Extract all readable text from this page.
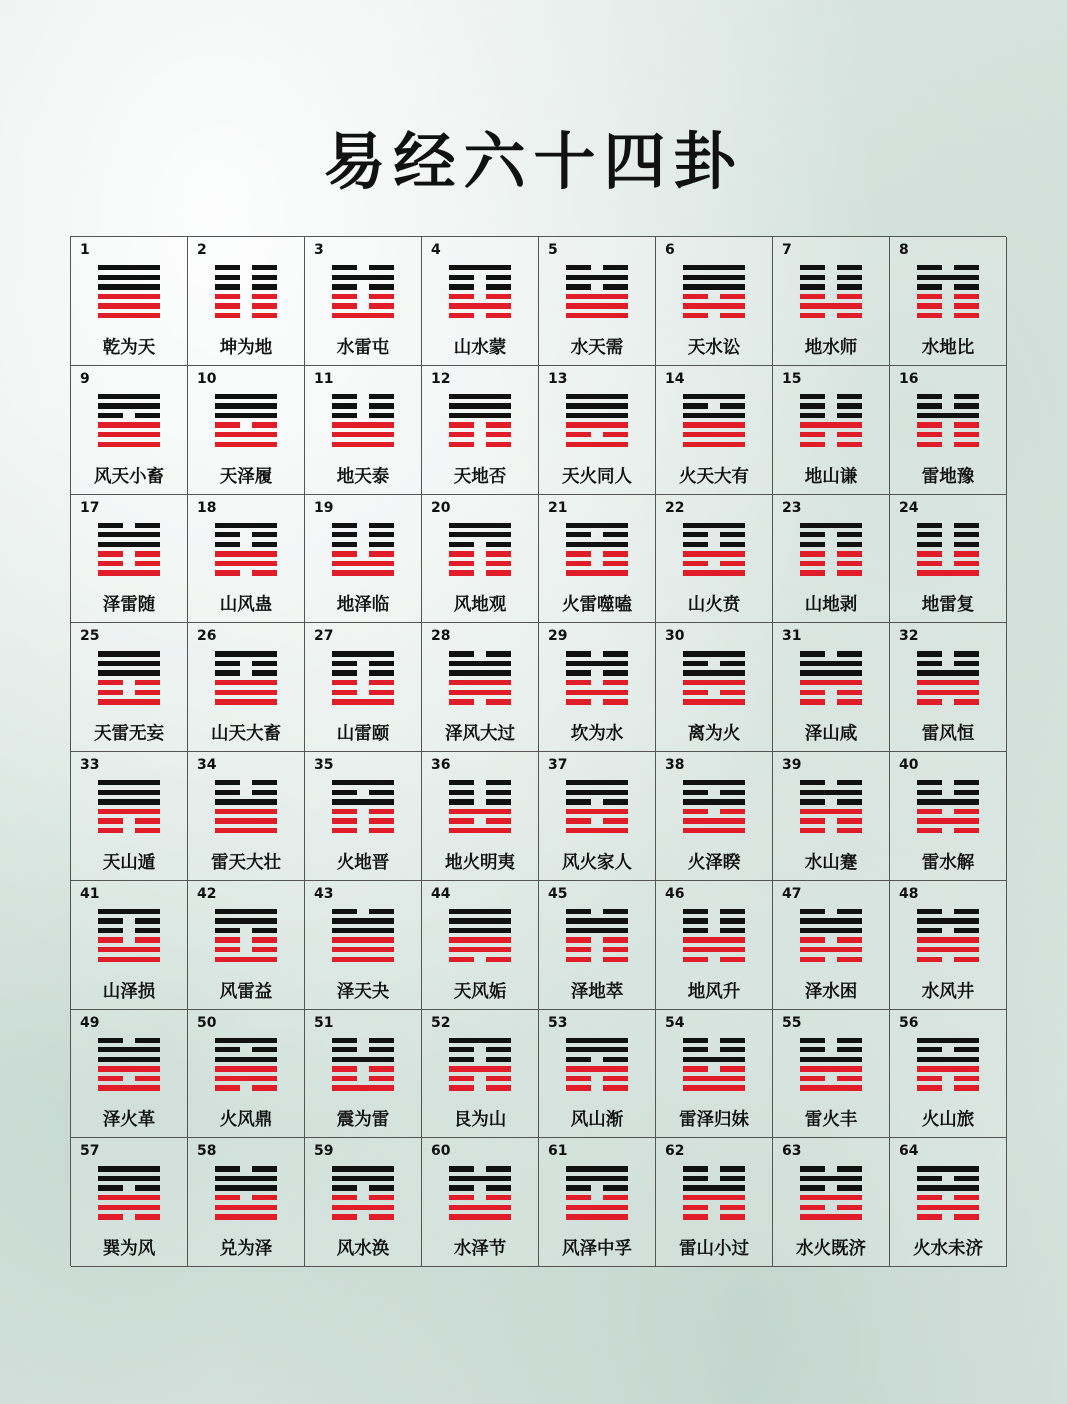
易经六十四卦
1
乾为天
2
坤为地
3
水雷屯
4
山水蒙
5
水天需
6
天水讼
7
地水师
8
水地比
9
风天小畜
10
天泽履
11
地天泰
12
天地否
13
天火同人
14
火天大有
15
地山谦
16
雷地豫
17
泽雷随
18
山风蛊
19
地泽临
20
风地观
21
火雷噬嗑
22
山火贲
23
山地剥
24
地雷复
25
天雷无妄
26
山天大畜
27
山雷颐
28
泽风大过
29
坎为水
30
离为火
31
泽山咸
32
雷风恒
33
天山遁
34
雷天大壮
35
火地晋
36
地火明夷
37
风火家人
38
火泽睽
39
水山蹇
40
雷水解
41
山泽损
42
风雷益
43
泽天夬
44
天风姤
45
泽地萃
46
地风升
47
泽水困
48
水风井
49
泽火革
50
火风鼎
51
震为雷
52
艮为山
53
风山渐
54
雷泽归妹
55
雷火丰
56
火山旅
57
巽为风
58
兑为泽
59
风水涣
60
水泽节
61
风泽中孚
62
雷山小过
63
水火既济
64
火水未济
